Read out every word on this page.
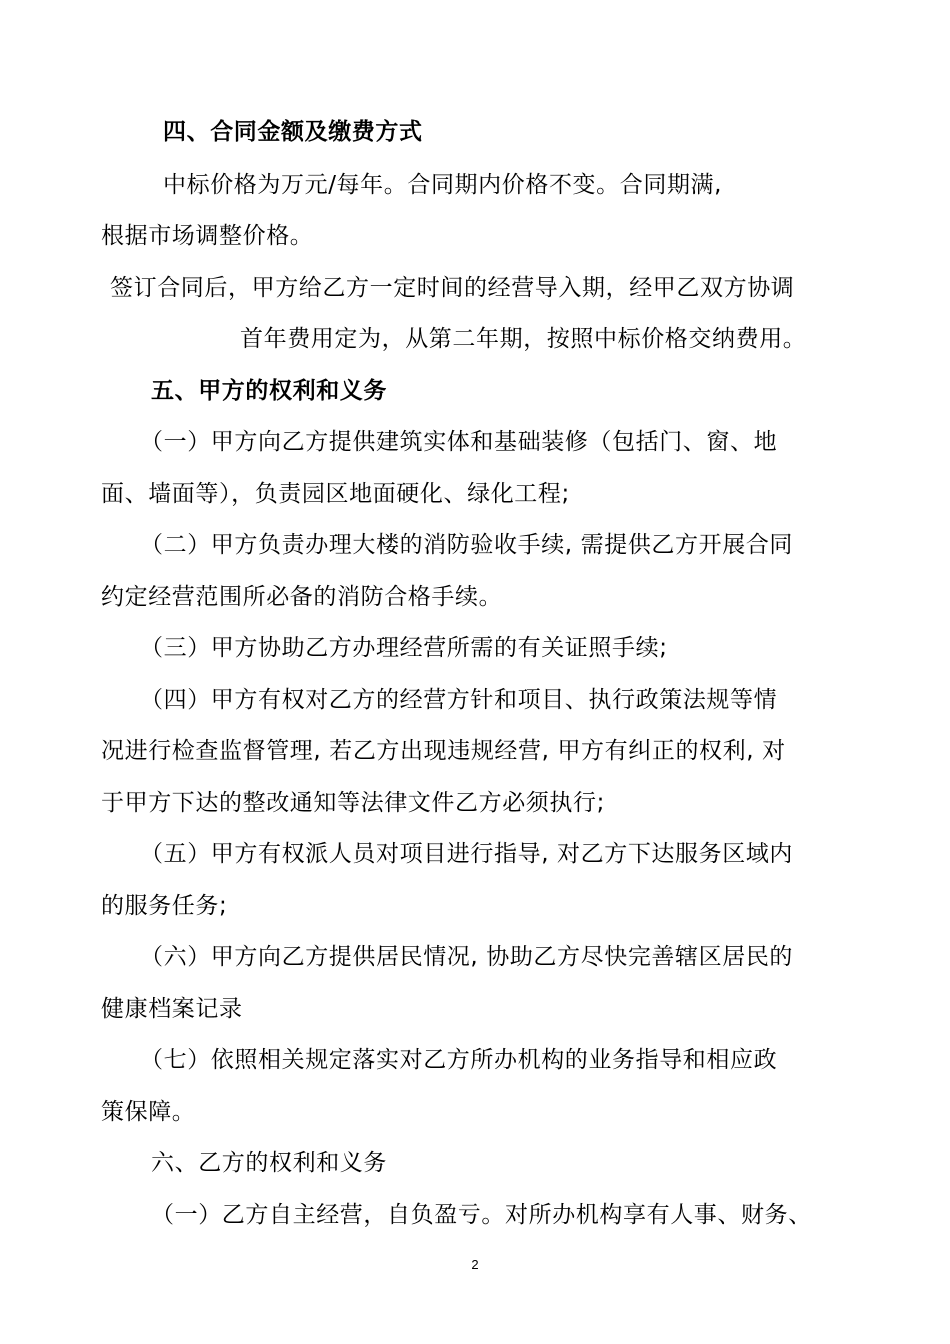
四、合同金额及缴费方式
中标价格为万元/每年。合同期内价格不变。合同期满,
根据市场调整价格。
签订合同后，甲方给乙方一定时间的经营导入期，经甲乙双方协调
首年费用定为，从第二年期，按照中标价格交纳费用。
五、甲方的权利和义务
（一）甲方向乙方提供建筑实体和基础装修（包括门、窗、地
面、墙面等），负责园区地面硬化、绿化工程;
（二）甲方负责办理大楼的消防验收手续, 需提供乙方开展合同
约定经营范围所必备的消防合格手续。
（三）甲方协助乙方办理经营所需的有关证照手续;
（四）甲方有权对乙方的经营方针和项目、执行政策法规等情
况进行检查监督管理, 若乙方出现违规经营, 甲方有纠正的权利, 对
于甲方下达的整改通知等法律文件乙方必须执行;
（五）甲方有权派人员对项目进行指导, 对乙方下达服务区域内
的服务任务;
（六）甲方向乙方提供居民情况, 协助乙方尽快完善辖区居民的
健康档案记录
（七）依照相关规定落实对乙方所办机构的业务指导和相应政
策保障。
六、乙方的权利和义务
（一）乙方自主经营，自负盈亏。对所办机构享有人事、财务、
2
